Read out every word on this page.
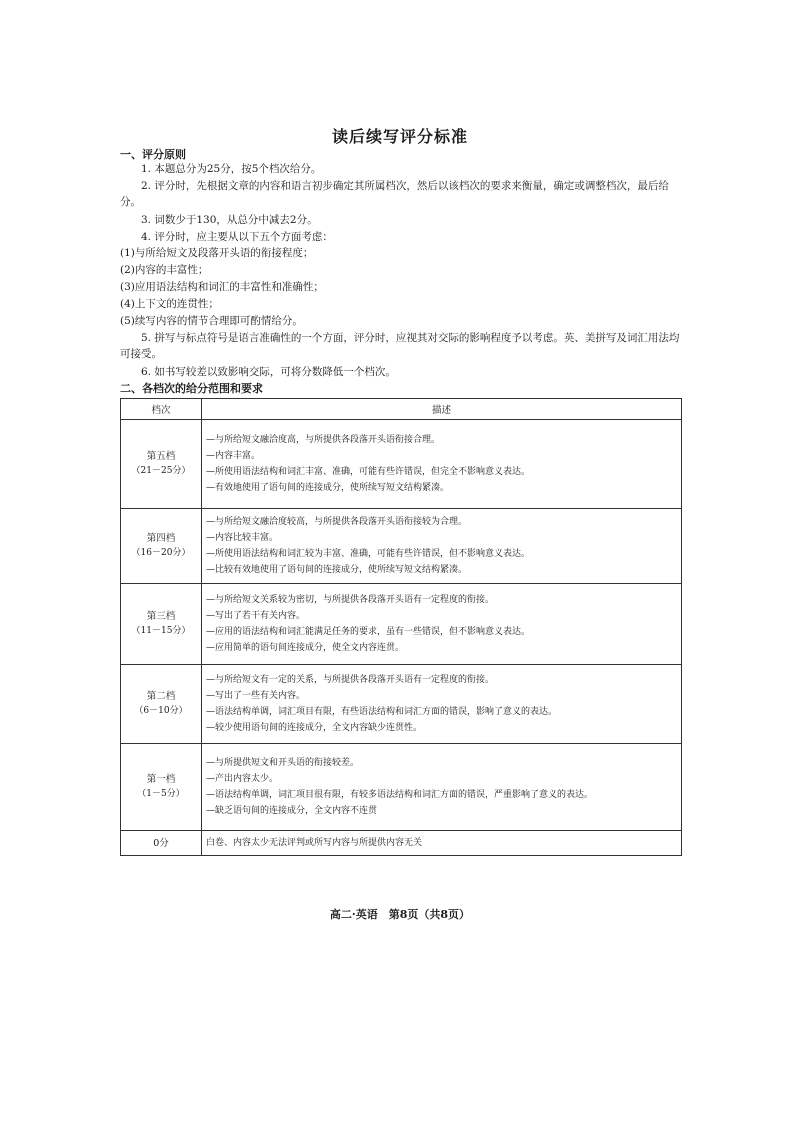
读后续写评分标准
一、评分原则
1. 本题总分为25分，按5个档次给分。
2. 评分时，先根据文章的内容和语言初步确定其所属档次，然后以该档次的要求来衡量，确定或调整档次，最后给分。
3. 词数少于130，从总分中减去2分。
4. 评分时，应主要从以下五个方面考虑：
(1)与所给短文及段落开头语的衔接程度；
(2)内容的丰富性；
(3)应用语法结构和词汇的丰富性和准确性；
(4)上下文的连贯性；
(5)续写内容的情节合理即可酌情给分。
5. 拼写与标点符号是语言准确性的一个方面，评分时，应视其对交际的影响程度予以考虑。英、美拼写及词汇用法均可接受。
6. 如书写较差以致影响交际，可将分数降低一个档次。
二、各档次的给分范围和要求
档次	描述

第五档
（21－25分）	—与所给短文融洽度高，与所提供各段落开头语衔接合理。
—内容丰富。
—所使用语法结构和词汇丰富、准确，可能有些许错误，但完全不影响意义表达。
—有效地使用了语句间的连接成分，使所续写短文结构紧凑。

第四档
（16－20分）	—与所给短文融洽度较高，与所提供各段落开头语衔接较为合理。
—内容比较丰富。
—所使用语法结构和词汇较为丰富、准确，可能有些许错误，但不影响意义表达。
—比较有效地使用了语句间的连接成分，使所续写短文结构紧凑。

第三档
（11－15分）	—与所给短文关系较为密切，与所提供各段落开头语有一定程度的衔接。
—写出了若干有关内容。
—应用的语法结构和词汇能满足任务的要求，虽有一些错误，但不影响意义表达。
—应用简单的语句间连接成分，使全文内容连贯。

第二档
（6－10分）	—与所给短文有一定的关系，与所提供各段落开头语有一定程度的衔接。
—写出了一些有关内容。
—语法结构单调，词汇项目有限，有些语法结构和词汇方面的错误，影响了意义的表达。
—较少使用语句间的连接成分，全文内容缺少连贯性。

第一档
（1－5分）	—与所提供短文和开头语的衔接较差。
—产出内容太少。
—语法结构单调，词汇项目很有限，有较多语法结构和词汇方面的错误，严重影响了意义的表达。
—缺乏语句间的连接成分，全文内容不连贯

0分	白卷、内容太少无法评判或所写内容与所提供内容无关
高二·英语　第8页（共8页）
